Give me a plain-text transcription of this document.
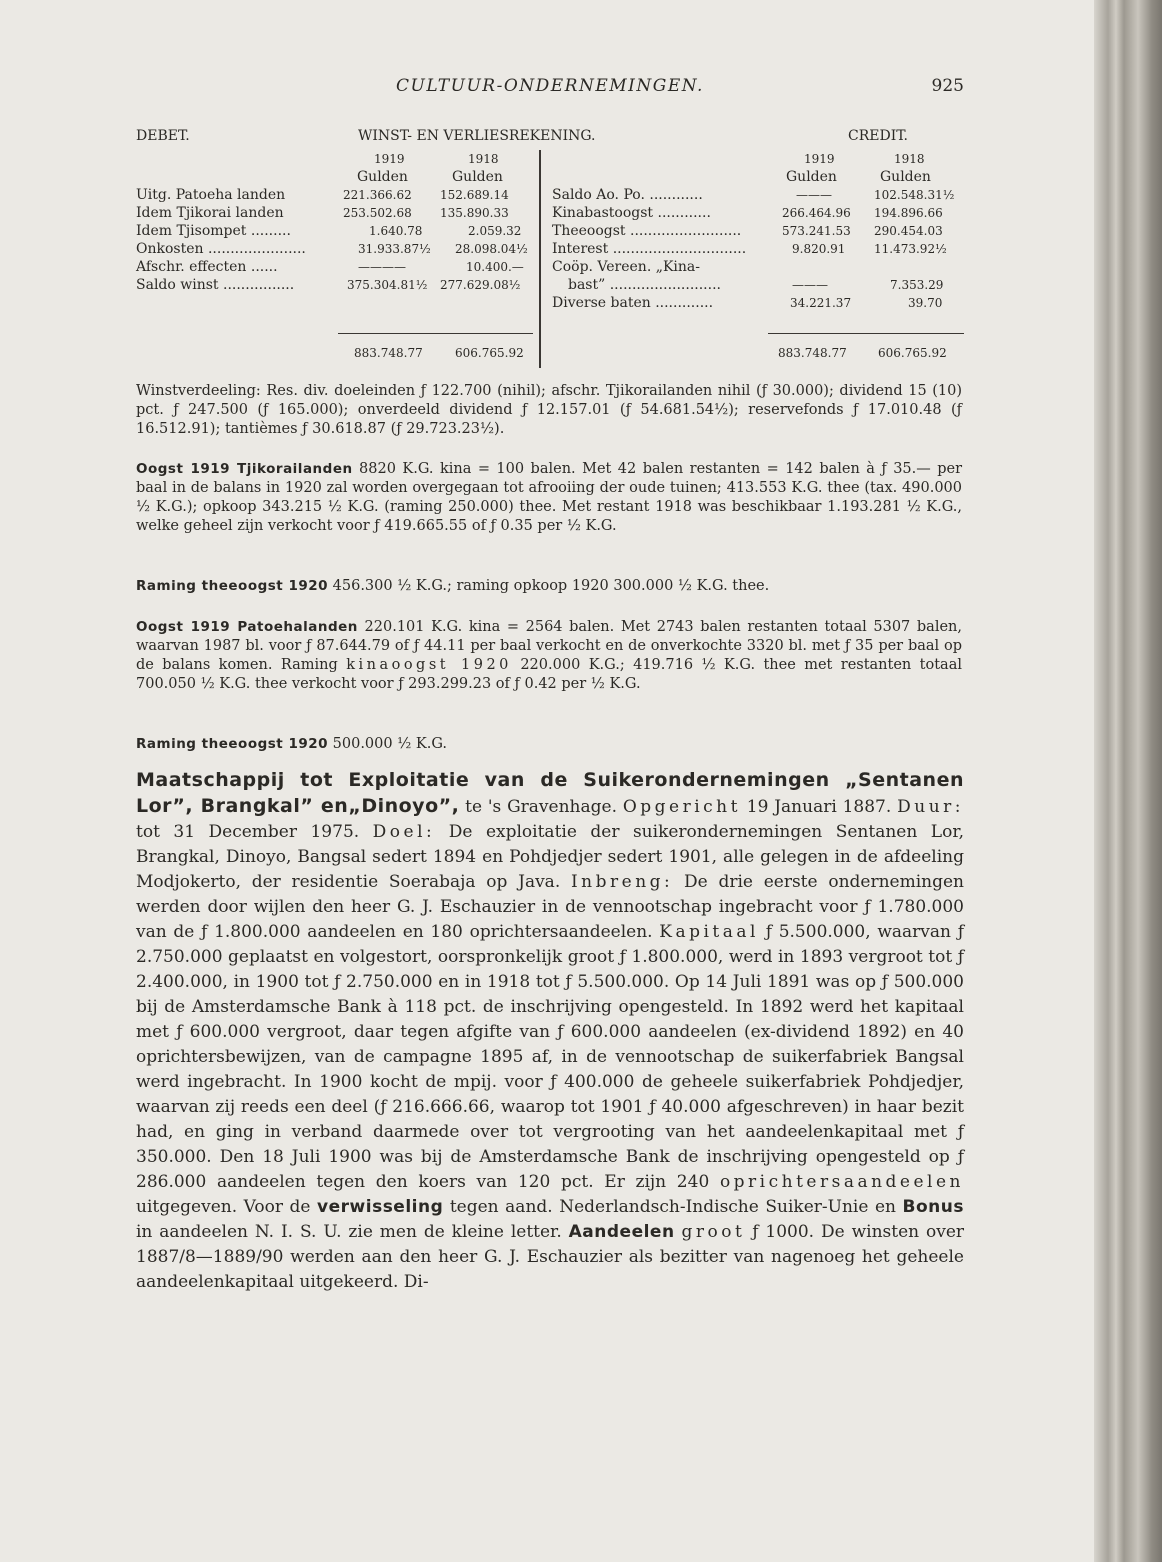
CULTUUR-ONDERNEMINGEN.	925
DEBET.	WINST- EN VERLIESREKENING.	CREDIT.
1919	1918	1919	1918
Gulden	Gulden	Gulden	Gulden
Uitg. Patoeha landen	221.366.62 152.689.14
Idem Tjikorai landen	253.502.68 135.890.33
Idem Tjisompet .........	1.640.78	2.059.32
Onkosten ......................	31.933.87½ 28.098.04½
Afschr. effecten ......	————	10.400.—
Saldo winst ................	375.304.81½ 277.629.08½
Saldo Ao. Po. ............	———	102.548.31½
Kinabastoogst ............	266.464.96 194.896.66
Theeoogst .........................	573.241.53 290.454.03
Interest ..............................	9.820.91 11.473.92½
Coöp. Vereen. „Kina-
bast” .........................	———	7.353.29
Diverse baten .............	34.221.37	39.70
883.748.77	606.765.92	883.748.77	606.765.92

Winstverdeeling: Res. div. doeleinden ƒ 122.700 (nihil); afschr. Tjikorailanden nihil (ƒ 30.000); dividend 15 (10) pct. ƒ 247.500 (ƒ 165.000); onverdeeld dividend ƒ 12.157.01 (ƒ 54.681.54½); reservefonds ƒ 17.010.48 (ƒ 16.512.91); tantièmes ƒ 30.618.87 (ƒ 29.723.23½).

Oogst 1919 Tjikorailanden 8820 K.G. kina = 100 balen. Met 42 balen restanten = 142 balen à ƒ 35.— per baal in de balans in 1920 zal worden overgegaan tot afrooiing der oude tuinen; 413.553 K.G. thee (tax. 490.000 ½ K.G.); opkoop 343.215 ½ K.G. (raming 250.000) thee. Met restant 1918 was beschikbaar 1.193.281 ½ K.G., welke geheel zijn verkocht voor ƒ 419.665.55 of ƒ 0.35 per ½ K.G.

Raming theeoogst 1920 456.300 ½ K.G.; raming opkoop 1920 300.000 ½ K.G. thee.

Oogst 1919 Patoehalanden 220.101 K.G. kina = 2564 balen. Met 2743 balen restanten totaal 5307 balen, waarvan 1987 bl. voor ƒ 87.644.79 of ƒ 44.11 per baal verkocht en de onverkochte 3320 bl. met ƒ 35 per baal op de balans komen. Raming kinaoogst 1920 220.000 K.G.; 419.716 ½ K.G. thee met restanten totaal 700.050 ½ K.G. thee verkocht voor ƒ 293.299.23 of ƒ 0.42 per ½ K.G.

Raming theeoogst 1920 500.000 ½ K.G.

Maatschappij tot Exploitatie van de Suikerondernemingen „Sentanen Lor”, Brangkal” en„Dinoyo”, te 's Gravenhage. Opgericht 19 Januari 1887. Duur: tot 31 December 1975. Doel: De exploitatie der suikerondernemingen Sentanen Lor, Brangkal, Dinoyo, Bangsal sedert 1894 en Pohdjedjer sedert 1901, alle gelegen in de afdeeling Modjokerto, der residentie Soerabaja op Java. Inbreng: De drie eerste ondernemingen werden door wijlen den heer G. J. Eschauzier in de vennootschap ingebracht voor ƒ 1.780.000 van de ƒ 1.800.000 aandeelen en 180 oprichtersaandeelen. Kapitaal ƒ 5.500.000, waarvan ƒ 2.750.000 geplaatst en volgestort, oorspronkelijk groot ƒ 1.800.000, werd in 1893 vergroot tot ƒ 2.400.000, in 1900 tot ƒ 2.750.000 en in 1918 tot ƒ 5.500.000. Op 14 Juli 1891 was op ƒ 500.000 bij de Amsterdamsche Bank à 118 pct. de inschrijving opengesteld. In 1892 werd het kapitaal met ƒ 600.000 vergroot, daar tegen afgifte van ƒ 600.000 aandeelen (ex-dividend 1892) en 40 oprichtersbewijzen, van de campagne 1895 af, in de vennootschap de suikerfabriek Bangsal werd ingebracht. In 1900 kocht de mpij. voor ƒ 400.000 de geheele suikerfabriek Pohdjedjer, waarvan zij reeds een deel (ƒ 216.666.66, waarop tot 1901 ƒ 40.000 afgeschreven) in haar bezit had, en ging in verband daarmede over tot vergrooting van het aandeelenkapitaal met ƒ 350.000. Den 18 Juli 1900 was bij de Amsterdamsche Bank de inschrijving opengesteld op ƒ 286.000 aandeelen tegen den koers van 120 pct. Er zijn 240 oprichtersaandeelen uitgegeven. Voor de verwisseling tegen aand. Nederlandsch-Indische Suiker-Unie en Bonus in aandeelen N. I. S. U. zie men de kleine letter. Aandeelen groot ƒ 1000. De winsten over 1887/8—1889/90 werden aan den heer G. J. Eschauzier als bezitter van nagenoeg het geheele aandeelenkapitaal uitgekeerd. Di-
